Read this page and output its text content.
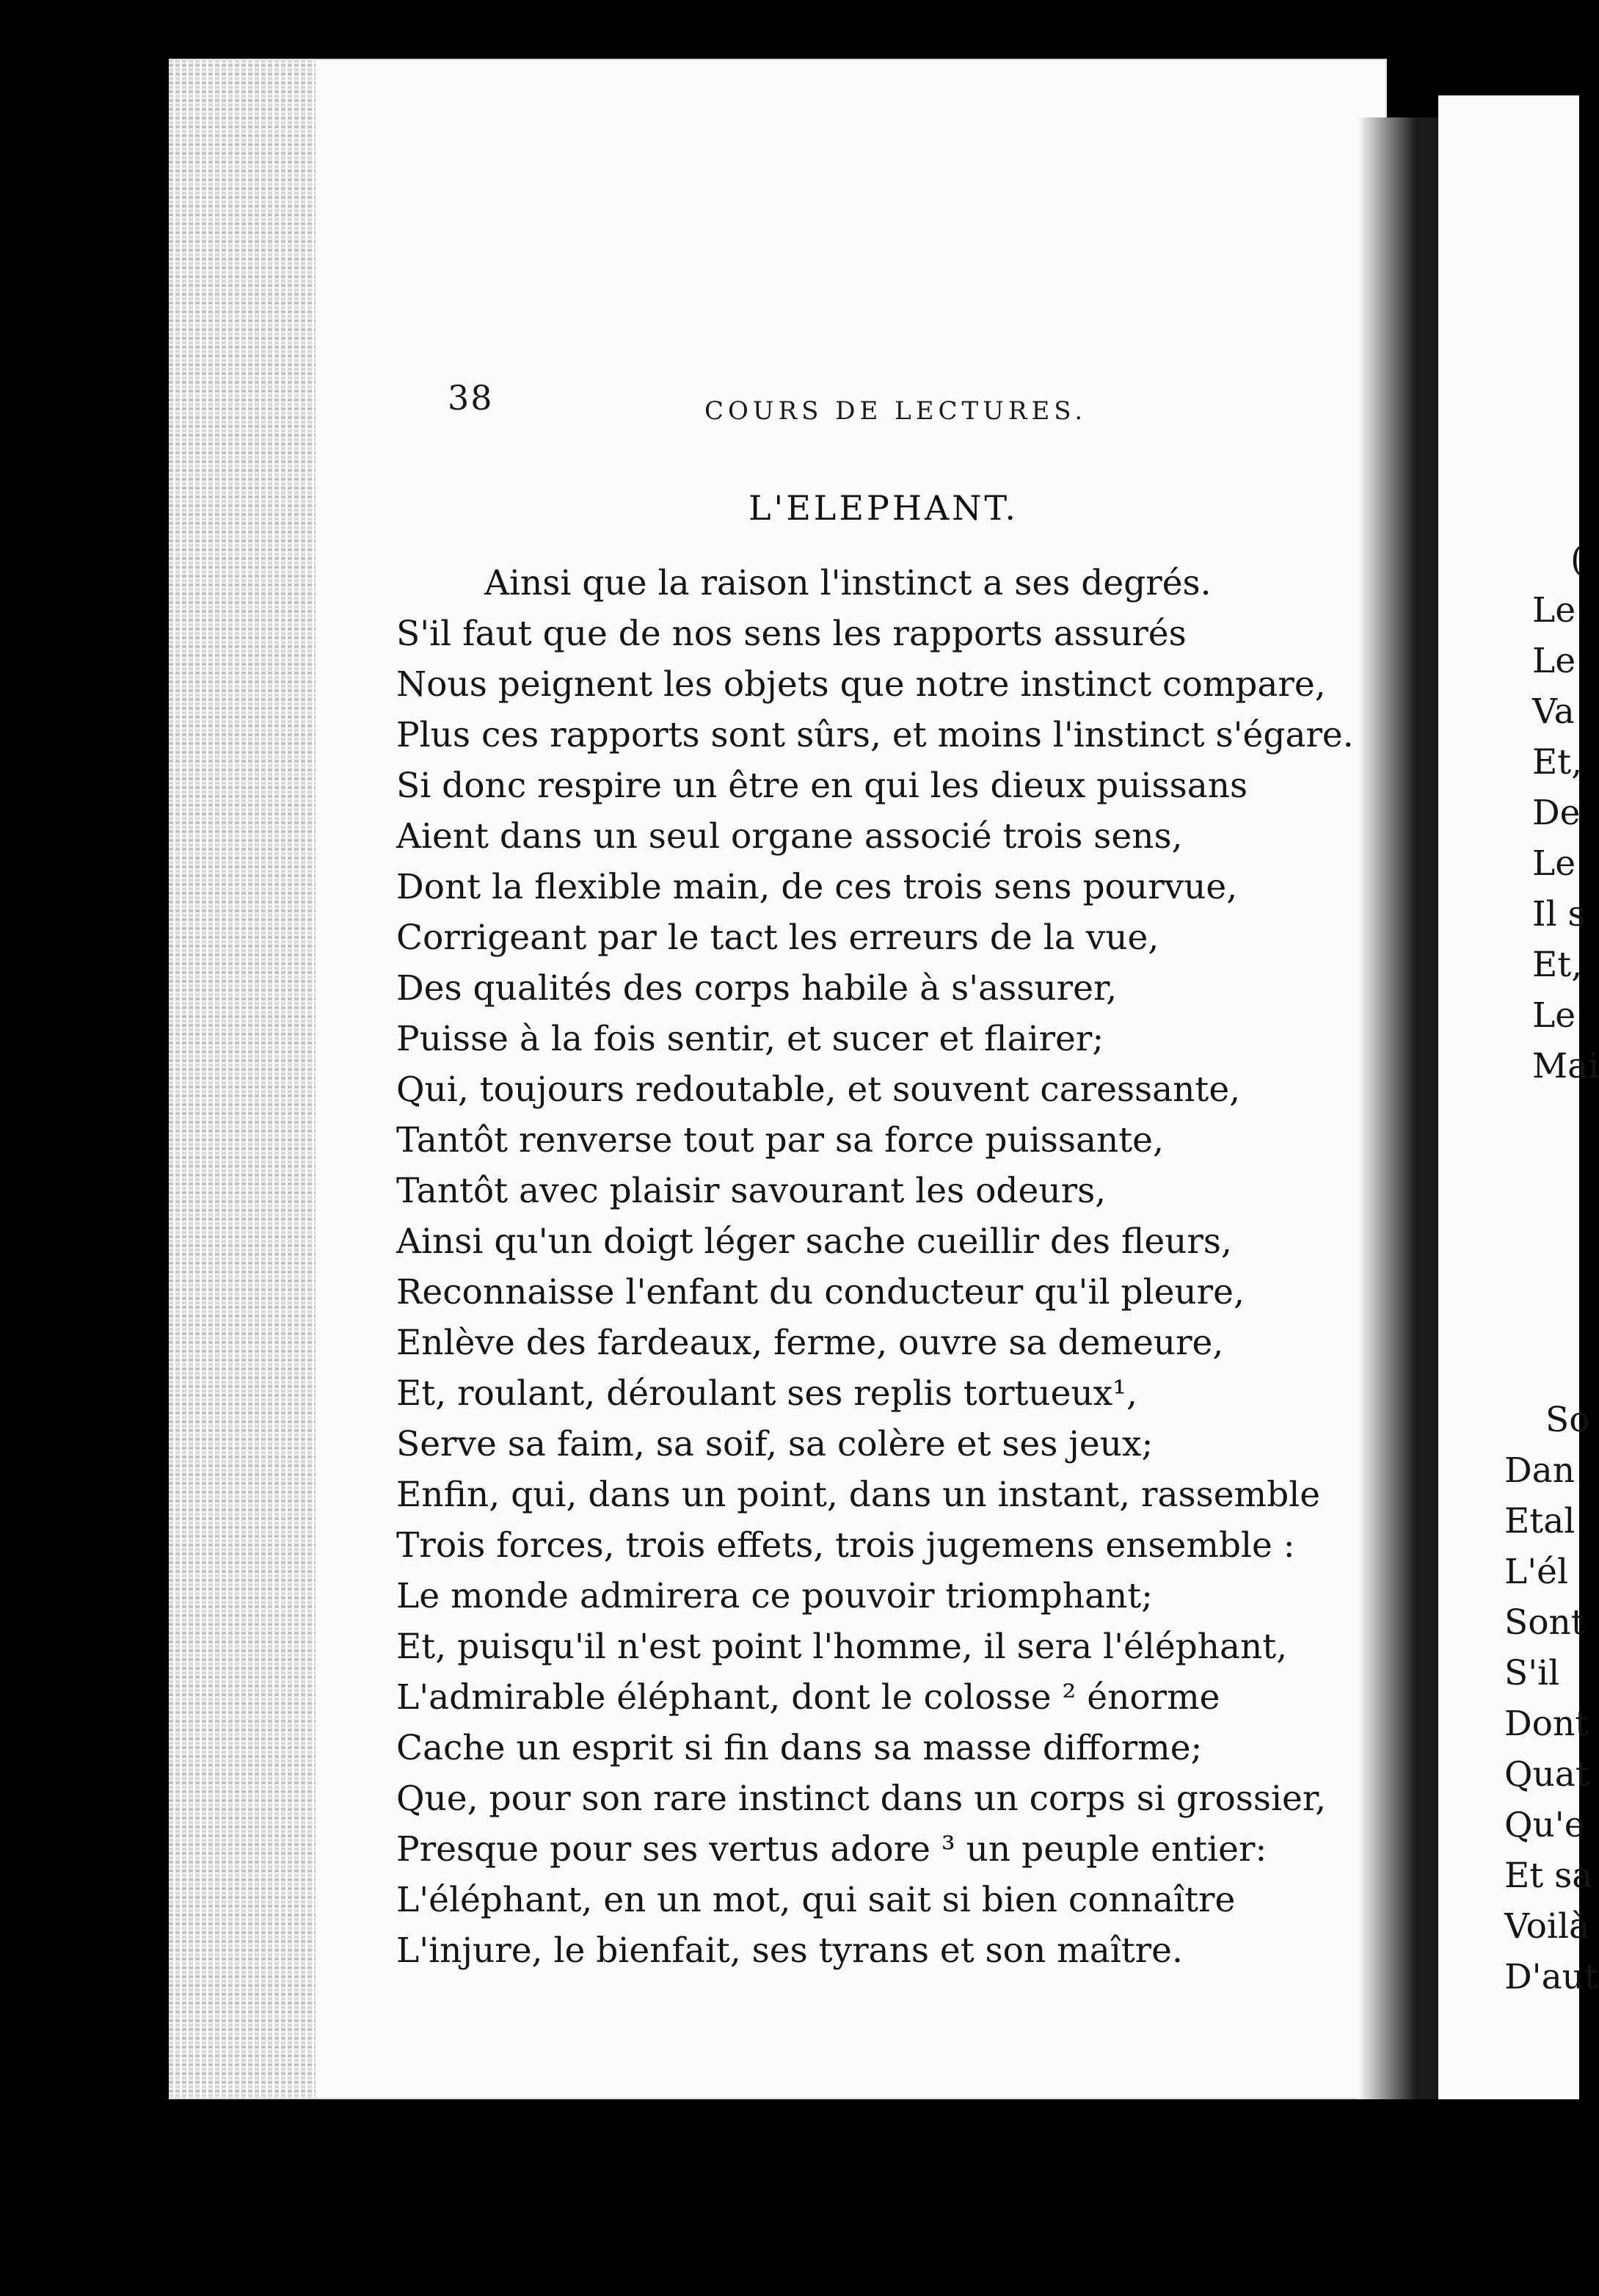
38	COURS DE LECTURES.
L'ELEPHANT.
Ainsi que la raison l'instinct a ses degrés.
S'il faut que de nos sens les rapports assurés
Nous peignent les objets que notre instinct compare,
Plus ces rapports sont sûrs, et moins l'instinct s'égare.
Si donc respire un être en qui les dieux puissans
Aient dans un seul organe associé trois sens,
Dont la flexible main, de ces trois sens pourvue,
Corrigeant par le tact les erreurs de la vue,
Des qualités des corps habile à s'assurer,
Puisse à la fois sentir, et sucer et flairer;
Qui, toujours redoutable, et souvent caressante,
Tantôt renverse tout par sa force puissante,
Tantôt avec plaisir savourant les odeurs,
Ainsi qu'un doigt léger sache cueillir des fleurs,
Reconnaisse l'enfant du conducteur qu'il pleure,
Enlève des fardeaux, ferme, ouvre sa demeure,
Et, roulant, déroulant ses replis tortueux¹,
Serve sa faim, sa soif, sa colère et ses jeux;
Enfin, qui, dans un point, dans un instant, rassemble
Trois forces, trois effets, trois jugemens ensemble :
Le monde admirera ce pouvoir triomphant;
Et, puisqu'il n'est point l'homme, il sera l'éléphant,
L'admirable éléphant, dont le colosse ² énorme
Cache un esprit si fin dans sa masse difforme;
Que, pour son rare instinct dans un corps si grossier,
Presque pour ses vertus adore ³ un peuple entier:
L'éléphant, en un mot, qui sait si bien connaître
L'injure, le bienfait, ses tyrans et son maître.
(
Le
Le
Va
Et,
De
Le
Il s
Et,
Le
Mai
So
Dan
Etal
L'él
Sont
S'il
Dont
Quat
Qu'e
Et sa
Voilà
D'aut
